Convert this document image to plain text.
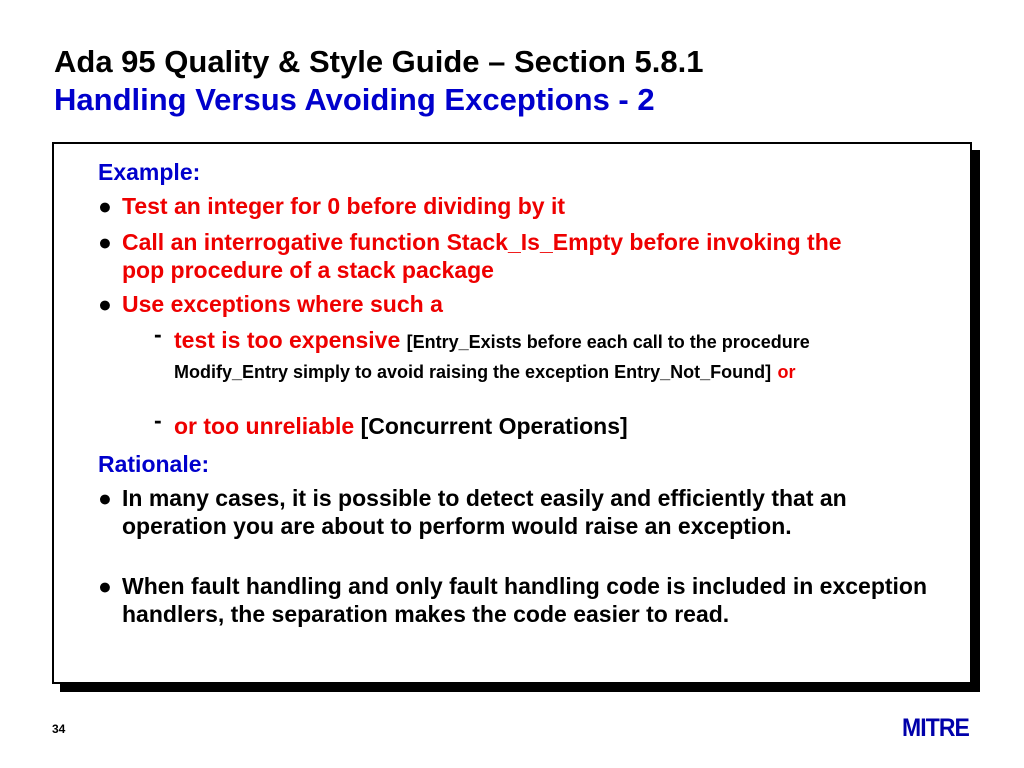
Ada 95 Quality & Style Guide – Section 5.8.1
Handling Versus Avoiding Exceptions - 2
Example:
● Test an integer for 0 before dividing by it
● Call an interrogative function Stack_Is_Empty before invoking the pop procedure of a stack package
● Use exceptions where such a
- test is too expensive [Entry_Exists before each call to the procedure Modify_Entry simply to avoid raising the exception Entry_Not_Found] or
- or too unreliable [Concurrent Operations]
Rationale:
● In many cases, it is possible to detect easily and efficiently that an operation you are about to perform would raise an exception.
● When fault handling and only fault handling code is included in exception handlers, the separation makes the code easier to read.
34	MITRE
